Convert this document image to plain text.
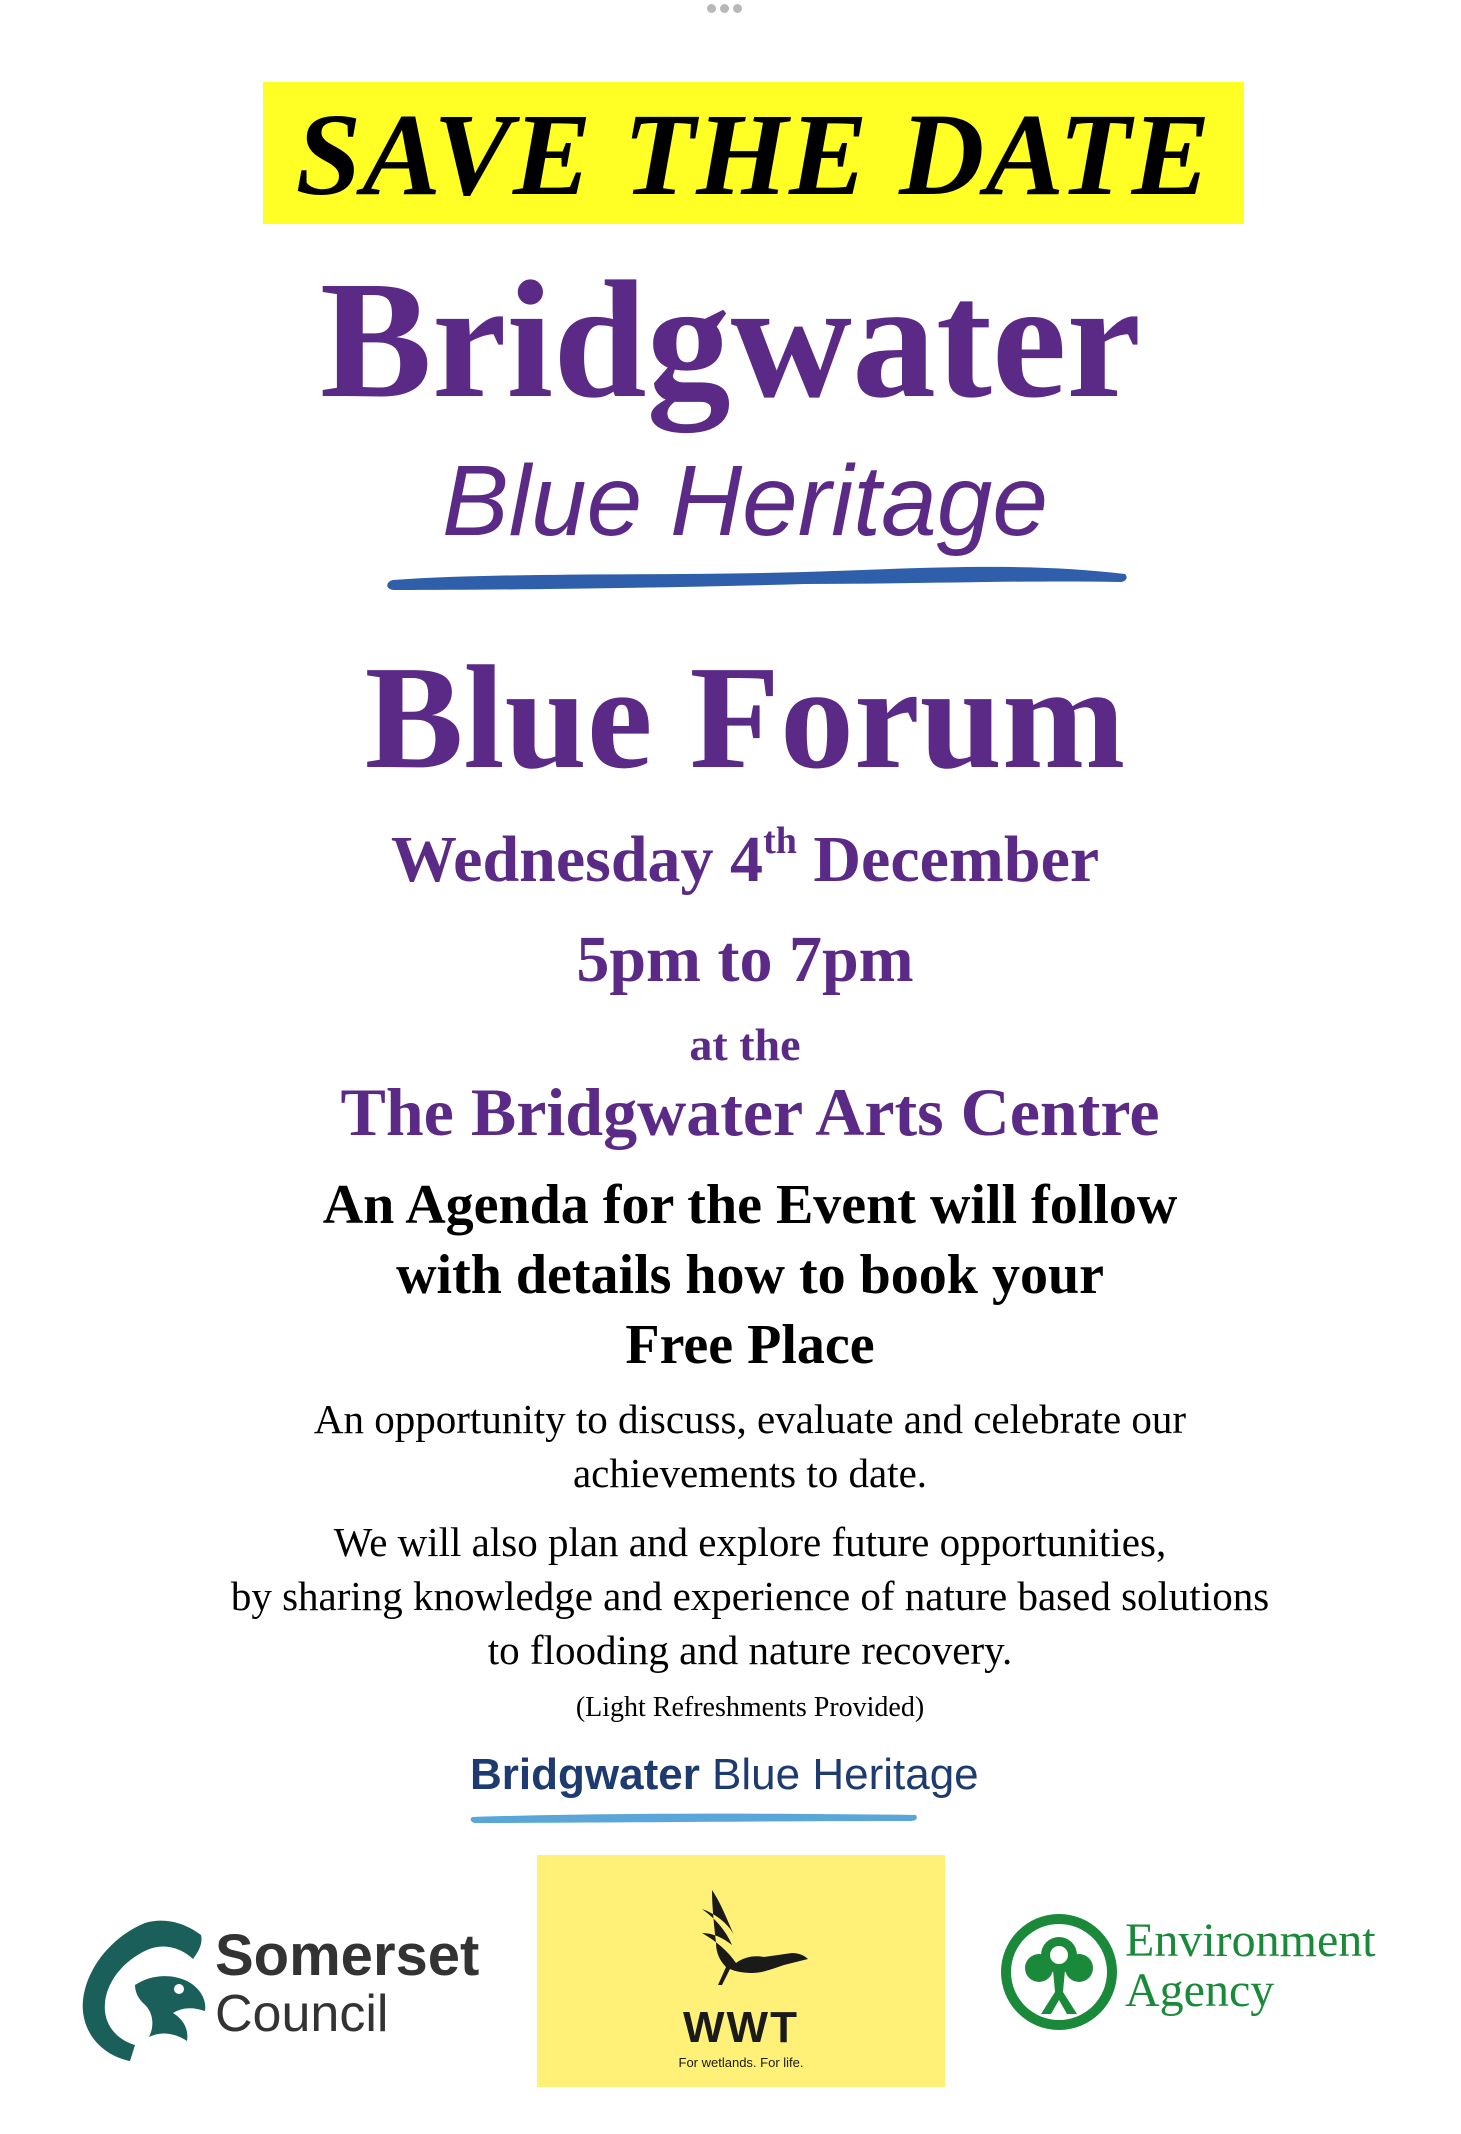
SAVE THE DATE
Bridgwater
Blue Heritage
Blue Forum
Wednesday 4th December
5pm to 7pm
at the
The Bridgwater Arts Centre
An Agenda for the Event will follow
with details how to book your
Free Place
An opportunity to discuss, evaluate and celebrate our
achievements to date.
We will also plan and explore future opportunities,
by sharing knowledge and experience of nature based solutions
to flooding and nature recovery.
(Light Refreshments Provided)
Bridgwater Blue Heritage
Somerset
Council	WWT
For wetlands. For life.
Environment
Agency
